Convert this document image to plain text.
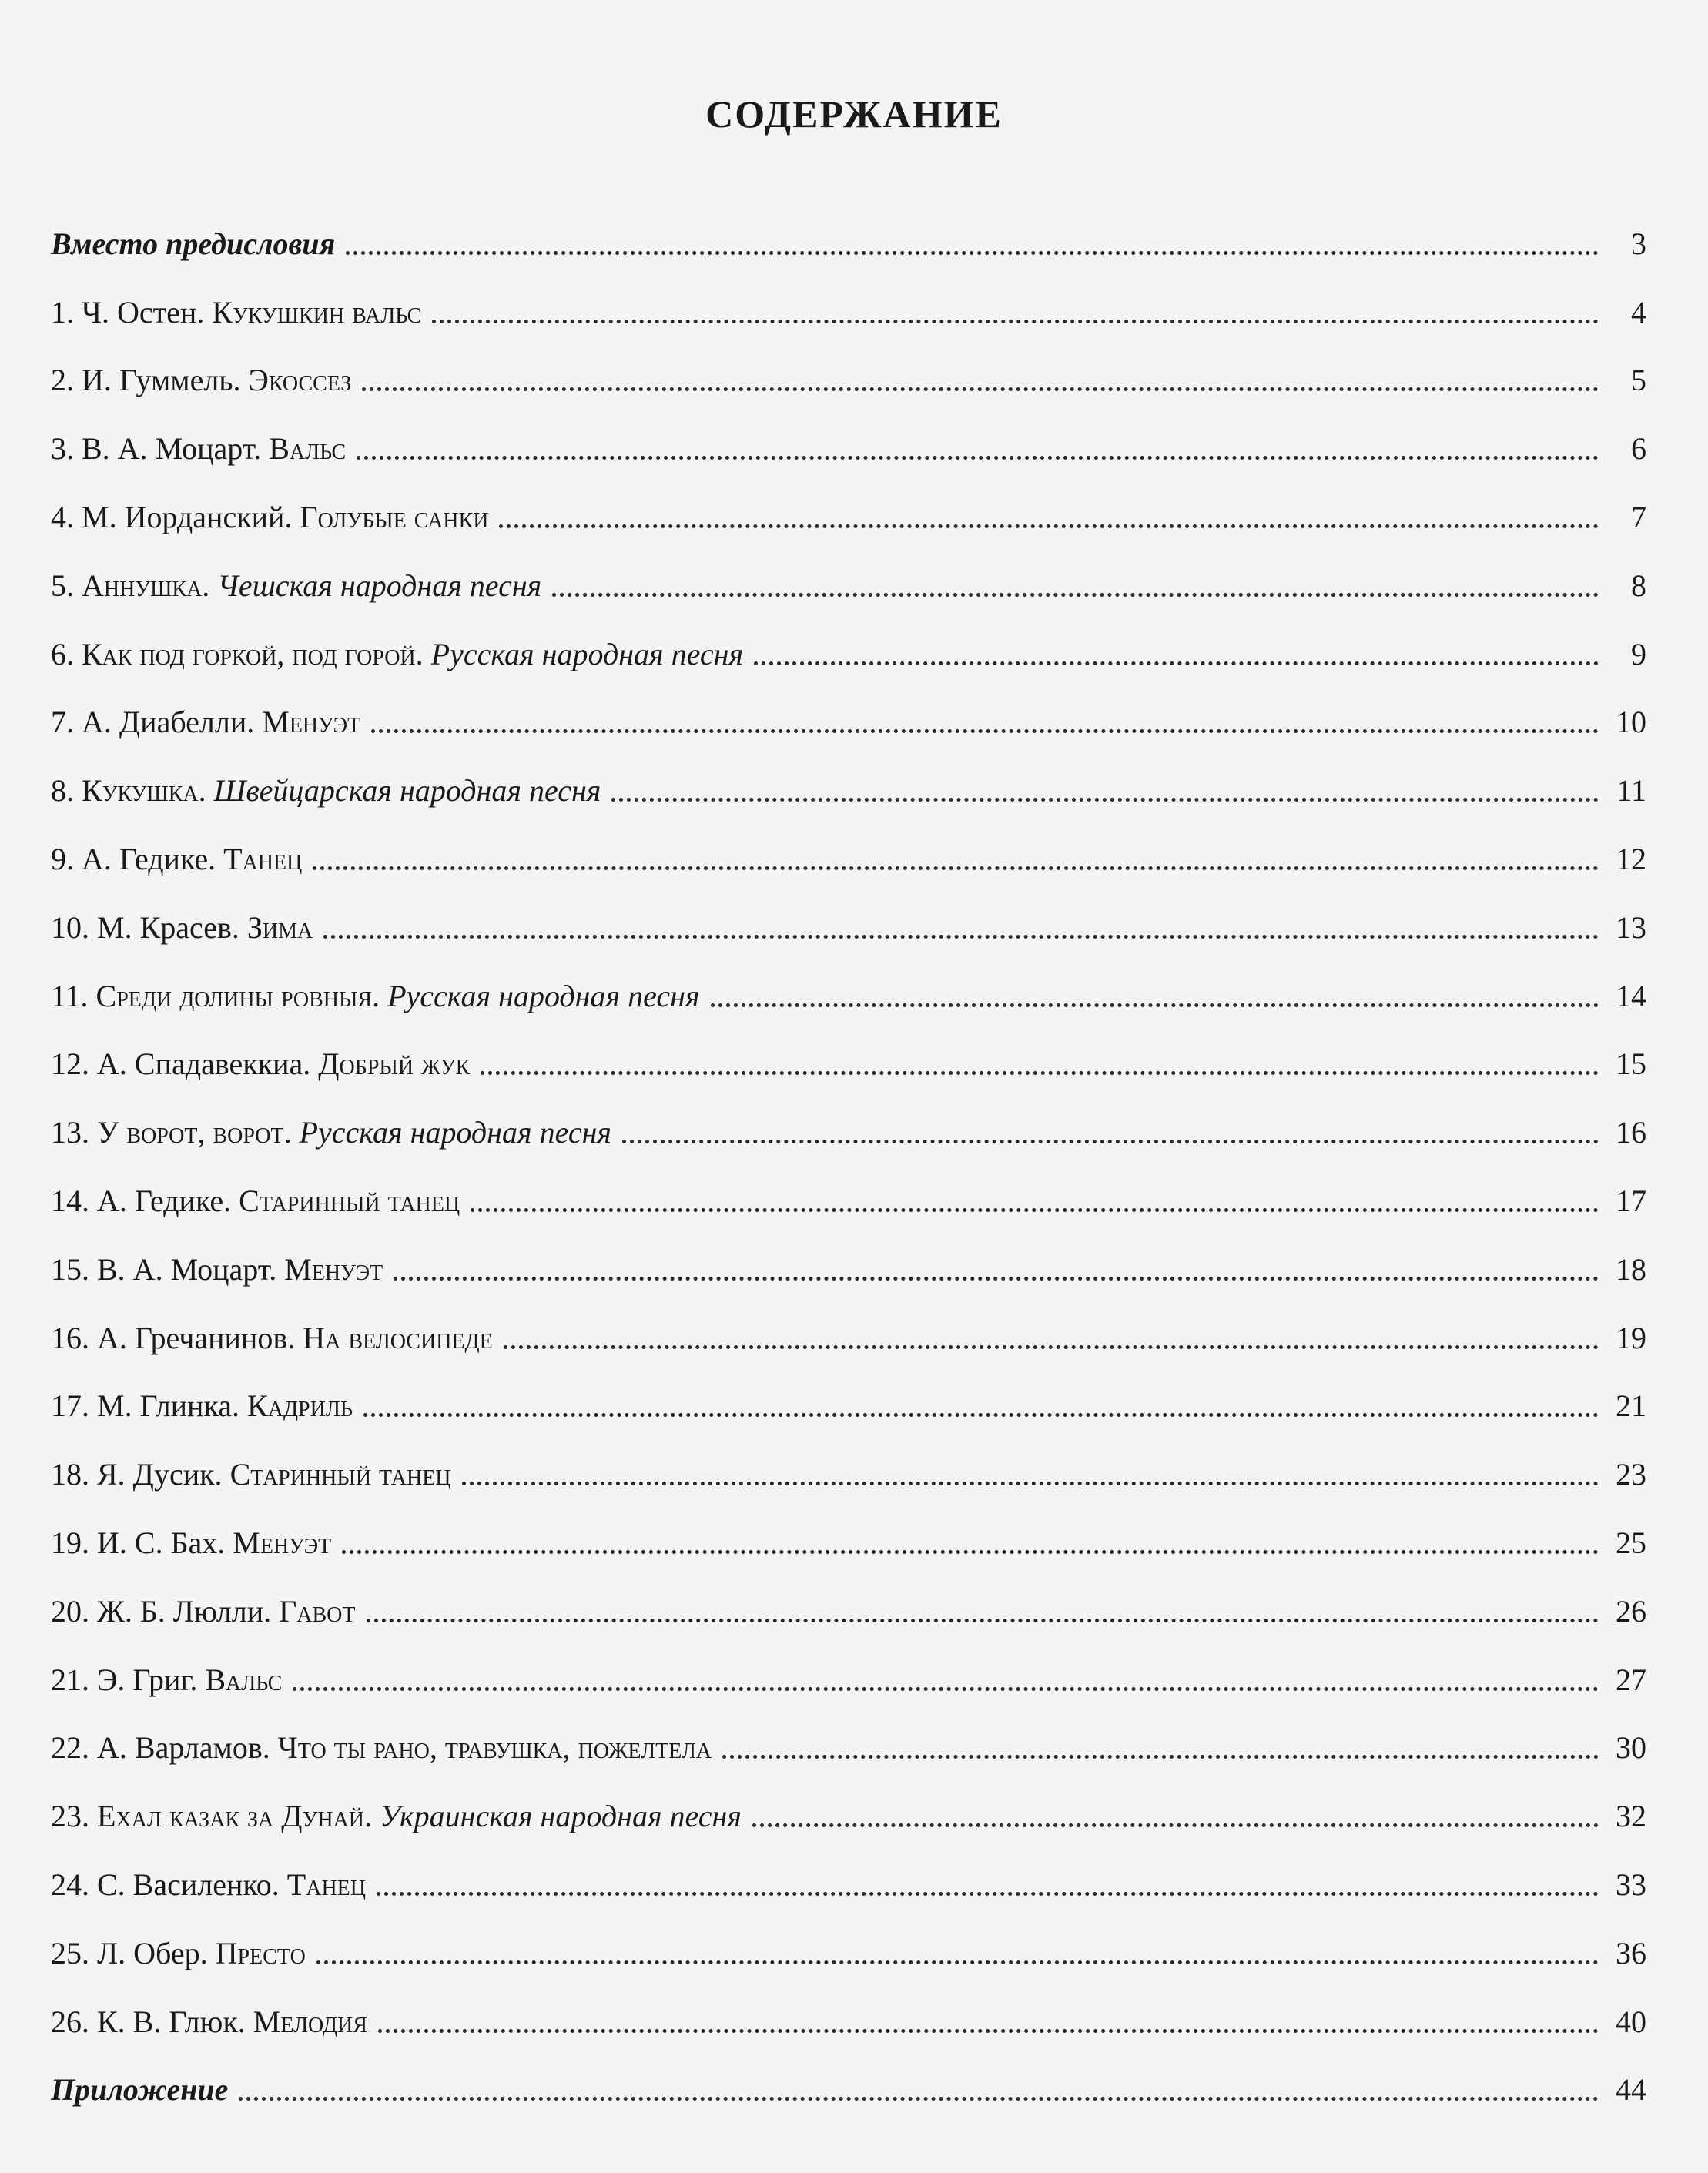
СОДЕРЖАНИЕ
Вместо предисловия	3
1. Ч. Остен. Кукушкин вальс	4
2. И. Гуммель. Экоссез	5
3. В. А. Моцарт. Вальс	6
4. М. Иорданский. Голубые санки	7
5. Аннушка. Чешская народная песня	8
6. Как под горкой, под горой. Русская народная песня	9
7. А. Диабелли. Менуэт	10
8. Кукушка. Швейцарская народная песня	11
9. А. Гедике. Танец	12
10. М. Красев. Зима	13
11. Среди долины ровныя. Русская народная песня	14
12. А. Спадавеккиа. Добрый жук	15
13. У ворот, ворот. Русская народная песня	16
14. А. Гедике. Старинный танец	17
15. В. А. Моцарт. Менуэт	18
16. А. Гречанинов. На велосипеде	19
17. М. Глинка. Кадриль	21
18. Я. Дусик. Старинный танец	23
19. И. С. Бах. Менуэт	25
20. Ж. Б. Люлли. Гавот	26
21. Э. Григ. Вальс	27
22. А. Варламов. Что ты рано, травушка, пожелтела	30
23. Ехал казак за Дунай. Украинская народная песня	32
24. С. Василенко. Танец	33
25. Л. Обер. Престо	36
26. К. В. Глюк. Мелодия	40
Приложение	44
